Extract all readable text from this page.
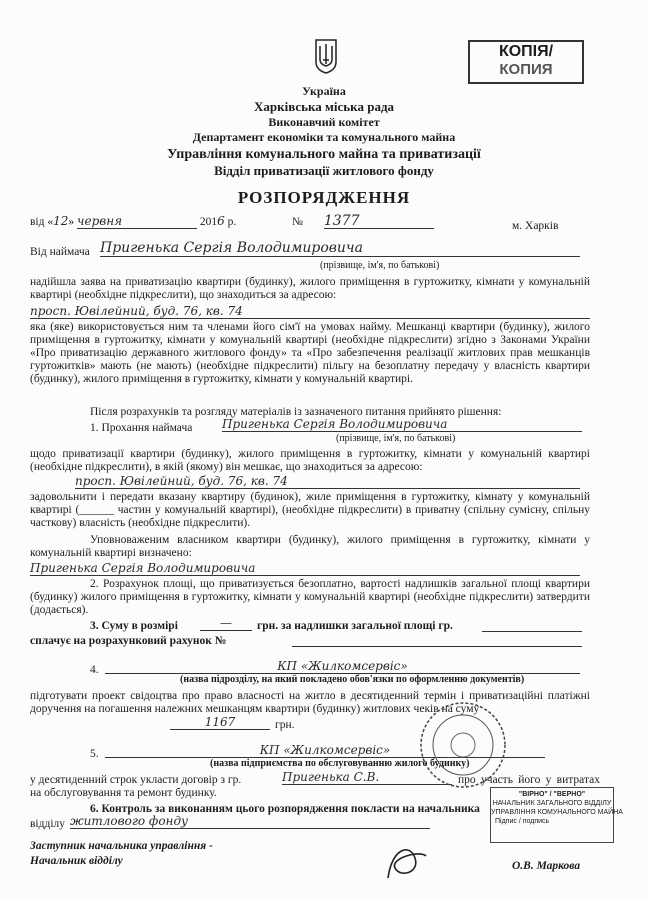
КОПІЯ/
КОПИЯ
Україна
Харківська міська рада
Виконавчий комітет
Департамент економіки та комунального майна
Управління комунального майна та приватизації
Відділ приватизації житлового фонду
РОЗПОРЯДЖЕННЯ
від «12» червня	2016 р.	№ 1377	м. Харків
Від наймача Пригенька Сергія Володимировича
(прізвище, ім'я, по батькові)
надійшла заява на приватизацію квартири (будинку), жилого приміщення в гуртожитку, кімнати у комунальній квартирі (необхідне підкреслити), що знаходиться за адресою:
просп. Ювілейний, буд. 76, кв. 74
яка (яке) використовується ним та членами його сім'ї на умовах найму. Мешканці квартири (будинку), жилого приміщення в гуртожитку, кімнати у комунальній квартирі (необхідне підкреслити) згідно з Законами України «Про приватизацію державного житлового фонду» та «Про забезпечення реалізації житлових прав мешканців гуртожитків» мають (не мають) (необхідне підкреслити) пільгу на безоплатну передачу у власність квартири (будинку), жилого приміщення в гуртожитку, кімнати у комунальній квартирі.
Після розрахунків та розгляду матеріалів із зазначеного питання прийнято рішення:
1. Прохання наймача Пригенька Сергія Володимировича
(прізвище, ім'я, по батькові)
щодо приватизації квартири (будинку), жилого приміщення в гуртожитку, кімнати у комунальній квартирі (необхідне підкреслити), в якій (якому) він мешкає, що знаходиться за адресою:
просп. Ювілейний, буд. 76, кв. 74
задовольнити і передати вказану квартиру (будинок), жиле приміщення в гуртожитку, кімнату у комунальній квартирі (______ частин у комунальній квартирі), (необхідне підкреслити) в приватну (спільну сумісну, спільну часткову) власність (необхідне підкреслити).
Уповноваженим власником квартири (будинку), жилого приміщення в гуртожитку, кімнати у комунальній квартирі визначено:
Пригенька Сергія Володимировича
2. Розрахунок площі, що приватизується безоплатно, вартості надлишків загальної площі квартири (будинку) жилого приміщення в гуртожитку, кімнати у комунальній квартирі (необхідне підкреслити) затвердити (додається).
3. Суму в розмірі	—	грн. за надлишки загальної площі гр.
сплачує на розрахунковий рахунок №
4.	КП «Жилкомсервіс»
(назва підрозділу, на який покладено обов'язки по оформленню документів)
підготувати проект свідоцтва про право власності на житло в десятиденний термін і приватизаційні платіжні доручення на погашення належних мешканцям квартири (будинку) житлових чеків на суму
1167	грн.
5.	КП «Жилкомсервіс»
(назва підприємства по обслуговуванню жилого будинку)
у десятиденний строк укласти договір з гр.	Пригенька С.В.	про участь його у витратах на обслуговування та ремонт будинку.
6. Контроль за виконанням цього розпорядження покласти на начальника
відділу житлового фонду
Заступник начальника управління -
Начальник відділу	О.В. Маркова
"ВІРНО" / "ВЕРНО"
НАЧАЛЬНИК ЗАГАЛЬНОГО ВІДДІЛУ
УПРАВЛІННЯ КОМУНАЛЬНОГО МАЙНА
Підпис / подпись
